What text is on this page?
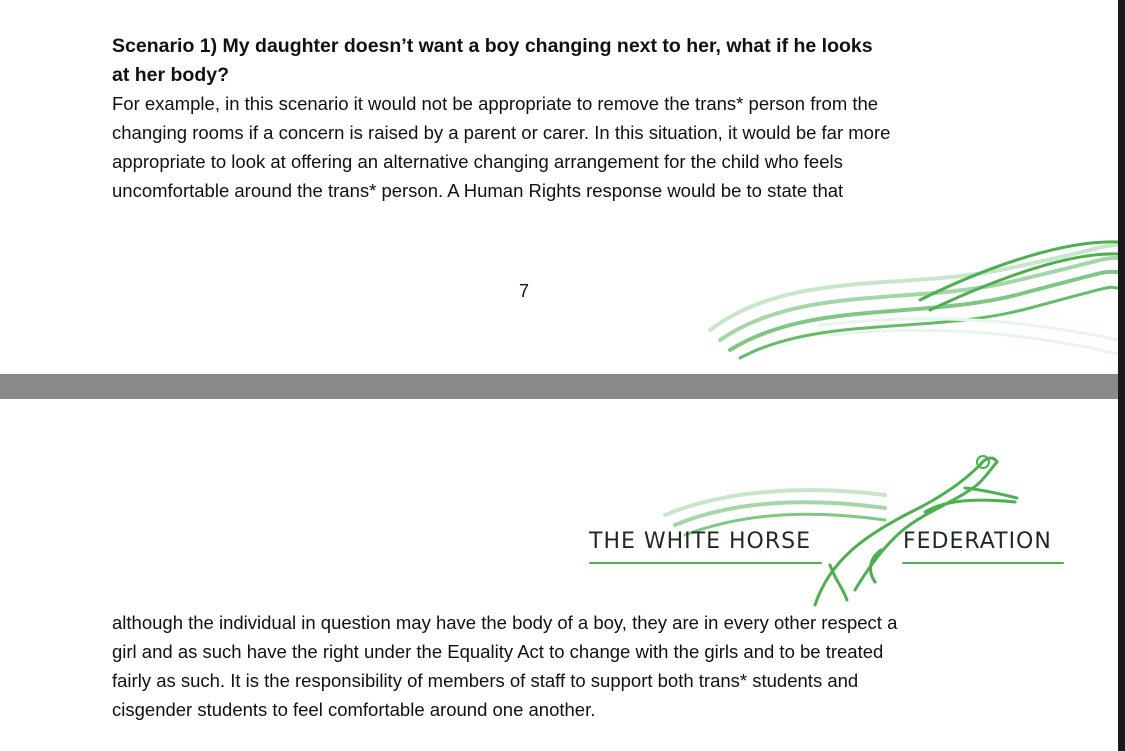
Scenario 1) My daughter doesn’t want a boy changing next to her, what if he looks
at her body?
For example, in this scenario it would not be appropriate to remove the trans* person from the
changing rooms if a concern is raised by a parent or carer. In this situation, it would be far more
appropriate to look at offering an alternative changing arrangement for the child who feels
uncomfortable around the trans* person. A Human Rights response would be to state that
7
THE WHITE HORSE	FEDERATION
although the individual in question may have the body of a boy, they are in every other respect a
girl and as such have the right under the Equality Act to change with the girls and to be treated
fairly as such. It is the responsibility of members of staff to support both trans* students and
cisgender students to feel comfortable around one another.
